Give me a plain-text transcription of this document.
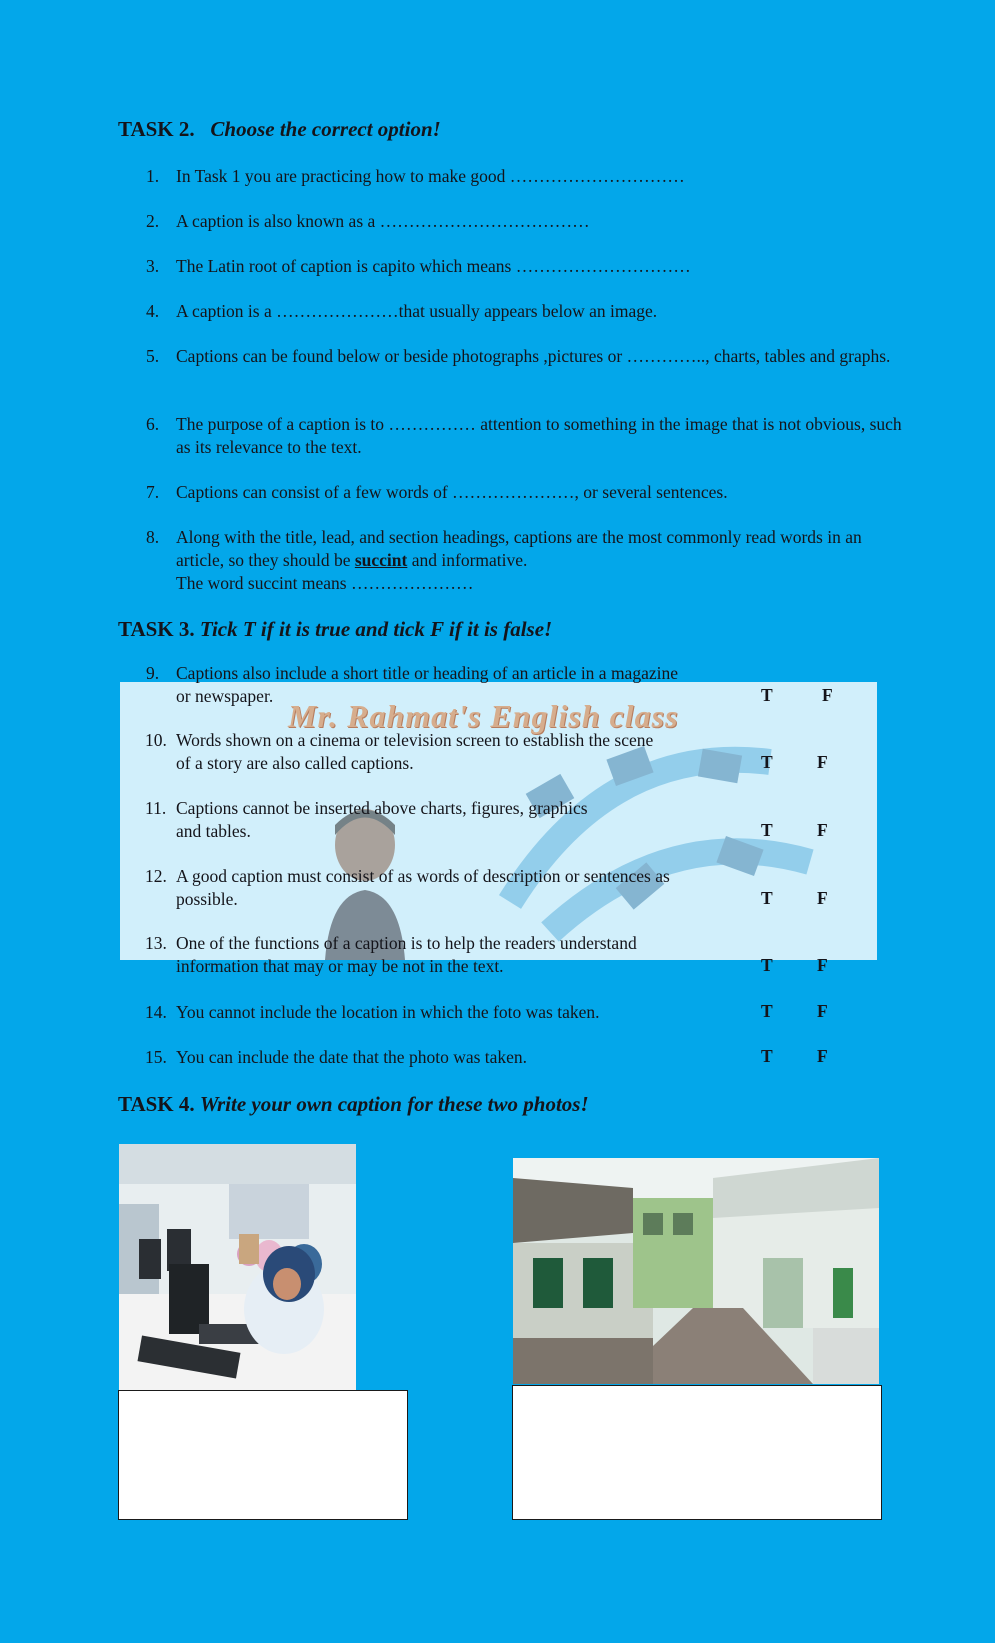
TASK 2. Choose the correct option!
1. In Task 1 you are practicing how to make good …………………………
2. A caption is also known as a ………………………………
3. The Latin root of caption is capito which means …………………………
4. A caption is a …………………that usually appears below an image.
5. Captions can be found below or beside photographs ,pictures or ………….., charts, tables and graphs.
6. The purpose of a caption is to …………… attention to something in the image that is not obvious, such as its relevance to the text.
7. Captions can consist of a few words of …………………, or several sentences.
8. Along with the title, lead, and section headings, captions are the most commonly read words in an article, so they should be succint and informative.
The word succint means …………………
TASK 3. Tick T if it is true and tick F if it is false!
Mr. Rahmat's English class
9. Captions also include a short title or heading of an article in a magazine
or newspaper.	T	F
10. Words shown on a cinema or television screen to establish the scene
of a story are also called captions.	T	F
11. Captions cannot be inserted above charts, figures, graphics
and tables.	T	F
12. A good caption must consist of as words of description or sentences as
possible.	T	F
13. One of the functions of a caption is to help the readers understand
information that may or may be not in the text.	T	F
14. You cannot include the location in which the foto was taken.	T	F
15. You can include the date that the photo was taken.	T	F
TASK 4. Write your own caption for these two photos!
